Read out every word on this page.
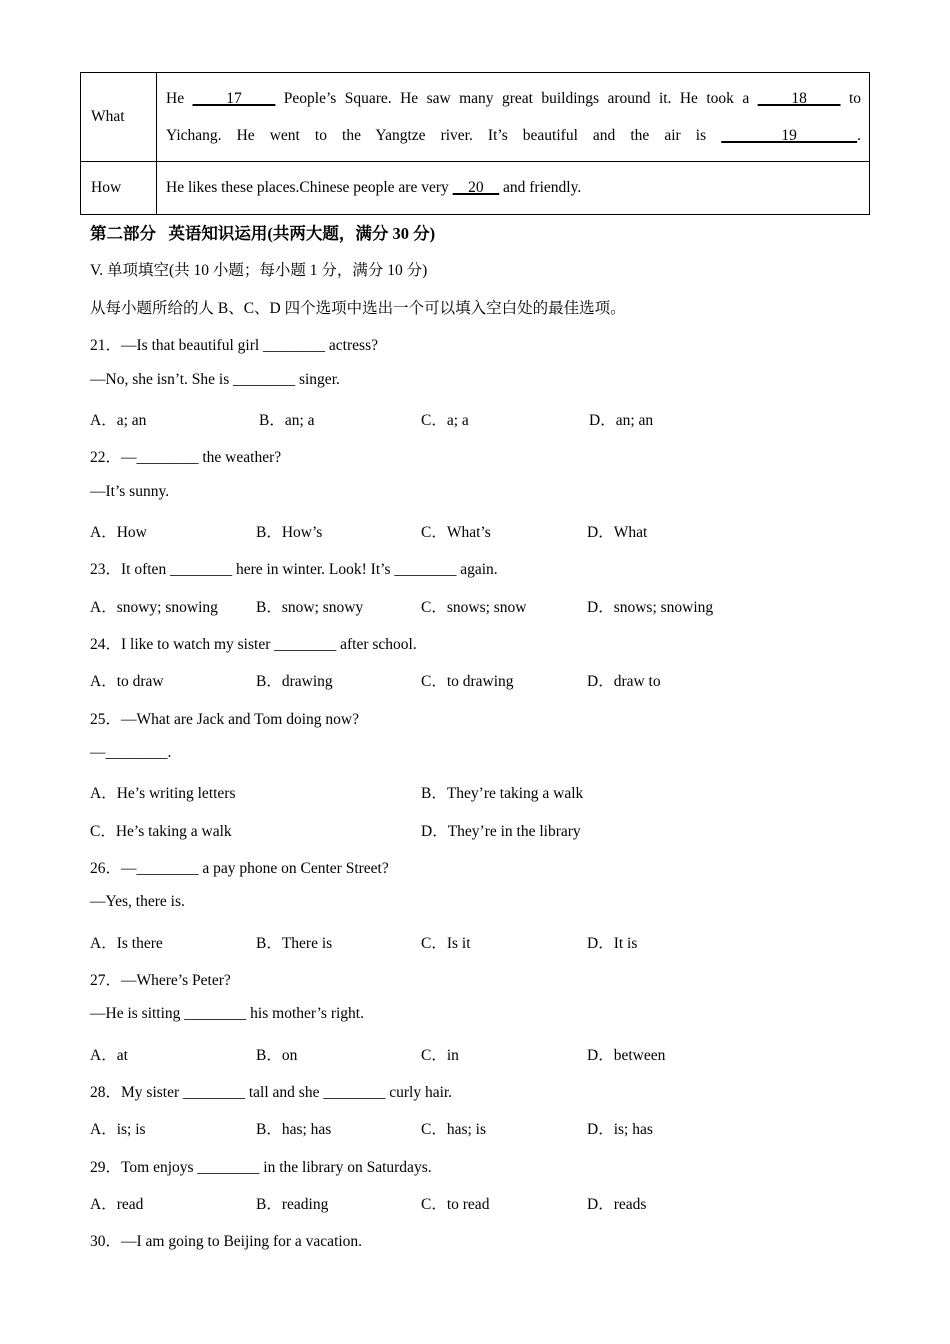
What	He     17     People’s Square. He saw many great buildings around it. He took a     18     to
Yichang. He went to the Yangtze river. It’s beautiful and the air is     19    .

How	He likes these places.Chinese people are very     20     and friendly.
第二部分   英语知识运用(共两大题，满分 30 分)
V. 单项填空(共 10 小题；每小题 1 分，满分 10 分)
从每小题所给的人 B、C、D 四个选项中选出一个可以填入空白处的最佳选项。
21．—Is that beautiful girl ________ actress?
—No, she isn’t. She is ________ singer.
A．a; an	B．an; a	C．a; a	D．an; an
22．—________ the weather?
—It’s sunny.
A．How	B．How’s	C．What’s	D．What
23．It often ________ here in winter. Look! It’s ________ again.
A．snowy; snowing B．snow; snowy	C．snows; snow	D．snows; snowing
24．I like to watch my sister ________ after school.
A．to draw	B．drawing	C．to drawing	D．draw to
25．—What are Jack and Tom doing now?
—________.
A．He’s writing letters	B．They’re taking a walk
C．He’s taking a walk	D．They’re in the library
26．—________ a pay phone on Center Street?
—Yes, there is.
A．Is there	B．There is	C．Is it	D．It is
27．—Where’s Peter?
—He is sitting ________ his mother’s right.
A．at	B．on	C．in	D．between
28．My sister ________ tall and she ________ curly hair.
A．is; is	B．has; has	C．has; is	D．is; has
29．Tom enjoys ________ in the library on Saturdays.
A．read	B．reading	C．to read	D．reads
30．—I am going to Beijing for a vacation.
